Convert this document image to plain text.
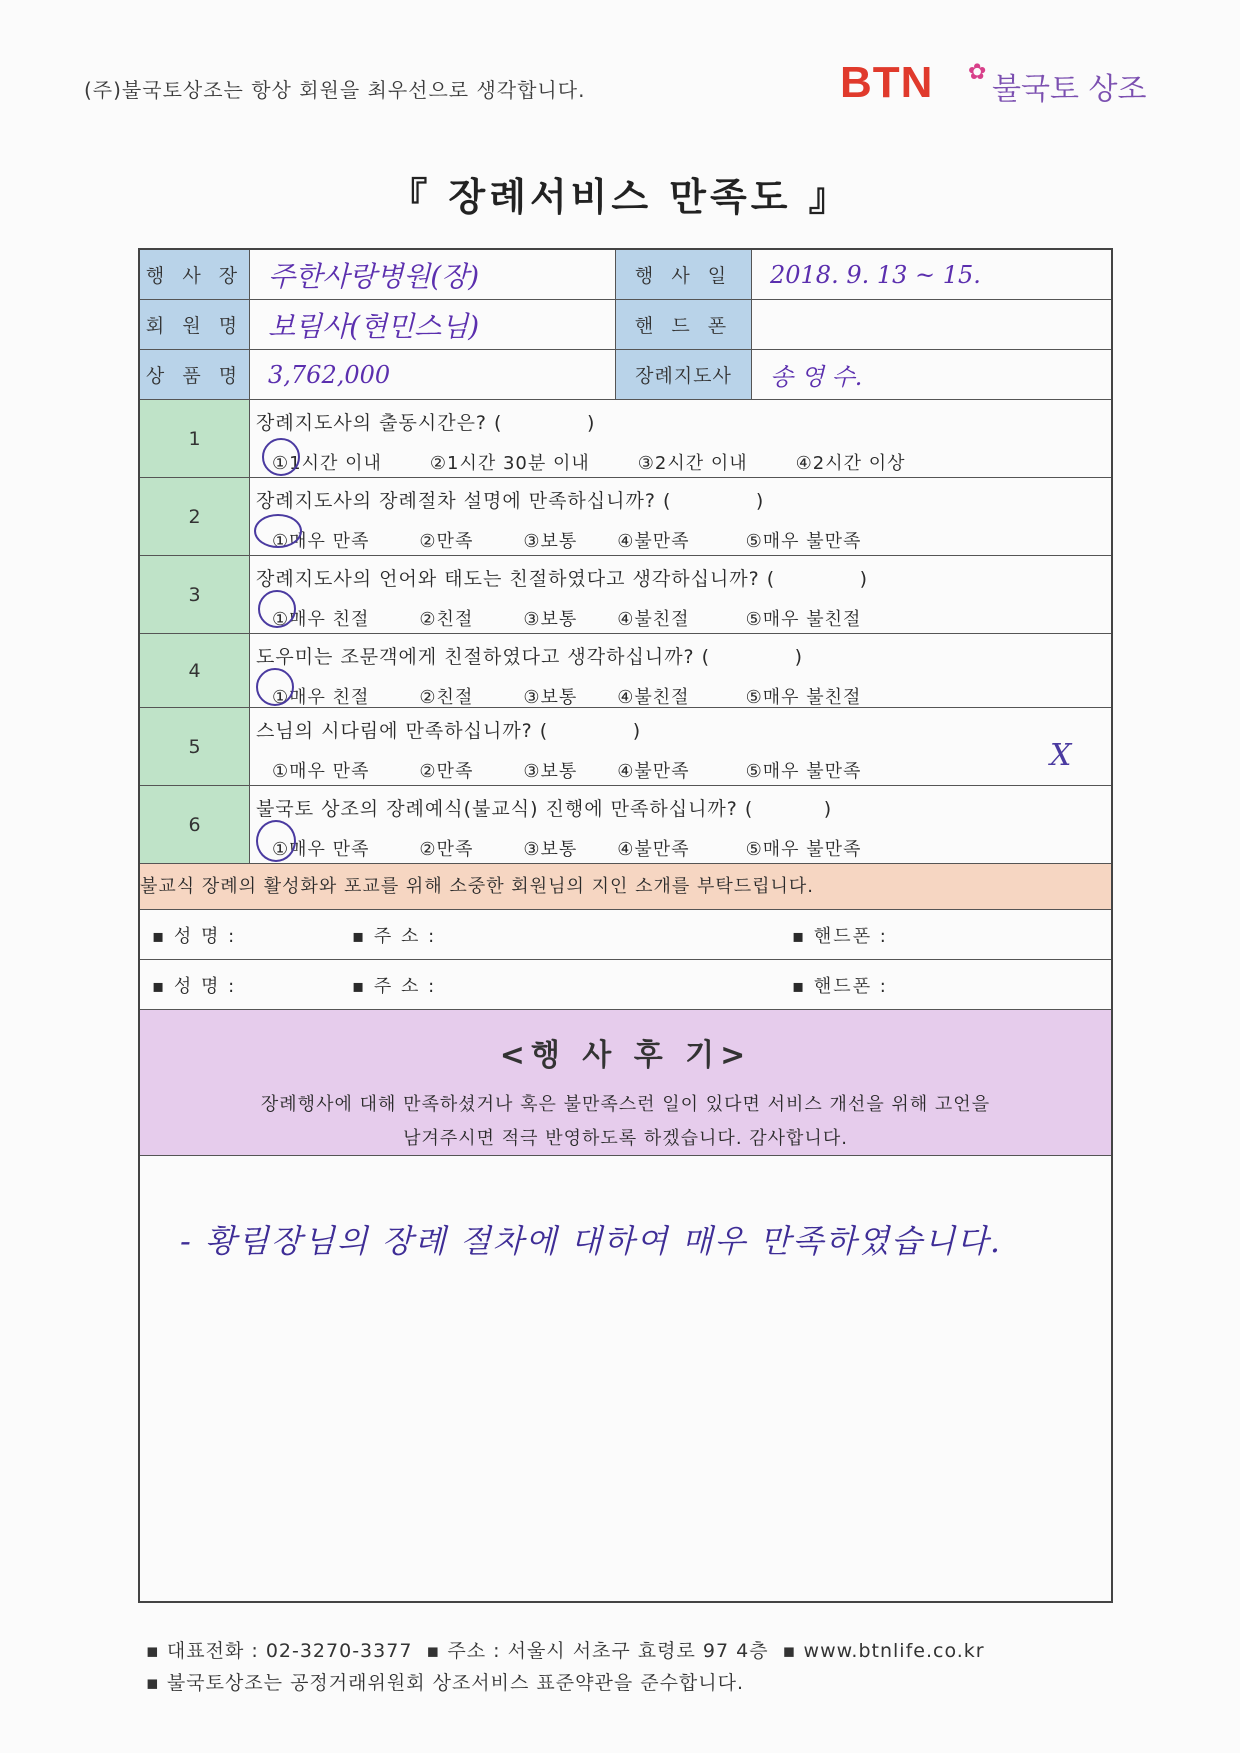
(주)불국토상조는 항상 회원을 최우선으로 생각합니다.	BTN ✿ 불국토 상조
『 장례서비스 만족도 』
행 사 장 주한사랑병원(장)	행 사 일	2018. 9. 13 ~ 15.
회 원 명 보림사(현민스님)	핸 드 폰
상 품 명	3,762,000	장례지도사	송 영 수.
1
장례지도사의 출동시간은? (            )
①1시간 이내	②1시간 30분 이내	③2시간 이내	④2시간 이상
2
장례지도사의 장례절차 설명에 만족하십니까? (            )
①매우 만족	②만족	③보통 ④불만족	⑤매우 불만족
3
장례지도사의 언어와 태도는 친절하였다고 생각하십니까? (            )
①매우 친절	②친절	③보통 ④불친절	⑤매우 불친절
4
도우미는 조문객에게 친절하였다고 생각하십니까? (            )
①매우 친절	②친절	③보통 ④불친절	⑤매우 불친절
5
스님의 시다림에 만족하십니까? (            )
①매우 만족	②만족	③보통 ④불만족	⑤매우 불만족	X
6
불국토 상조의 장례예식(불교식) 진행에 만족하십니까? (          )
①매우 만족	②만족	③보통 ④불만족	⑤매우 불만족
불교식 장례의 활성화와 포교를 위해 소중한 회원님의 지인 소개를 부탁드립니다.
▪ 성 명 :	▪ 주 소 :	▪ 핸드폰 :
▪ 성 명 :	▪ 주 소 :	▪ 핸드폰 :
<행 사 후 기>
장례행사에 대해 만족하셨거나 혹은 불만족스런 일이 있다면 서비스 개선을 위해 고언을
남겨주시면 적극 반영하도록 하겠습니다. 감사합니다.
- 황림장님의 장례 절차에 대하여 매우 만족하였습니다.
▪ 대표전화 : 02-3270-3377  ▪ 주소 : 서울시 서초구 효령로 97 4층  ▪ www.btnlife.co.kr
▪ 불국토상조는 공정거래위원회 상조서비스 표준약관을 준수합니다.
